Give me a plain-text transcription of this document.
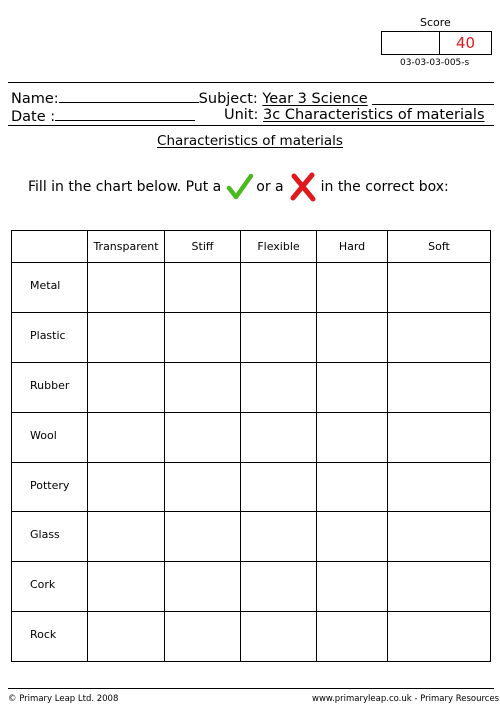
Score
40
03-03-03-005-s
Name:	Subject: Year 3 Science
Date :	Unit: 3c Characteristics of materials
Characteristics of materials
Fill in the chart below. Put a	or a	in the correct box:
	Transparent	Stiff	Flexible	Hard	Soft
Metal					
Plastic					
Rubber					
Wool					
Pottery					
Glass					
Cork					
Rock					
© Primary Leap Ltd. 2008	www.primaryleap.co.uk - Primary Resources
